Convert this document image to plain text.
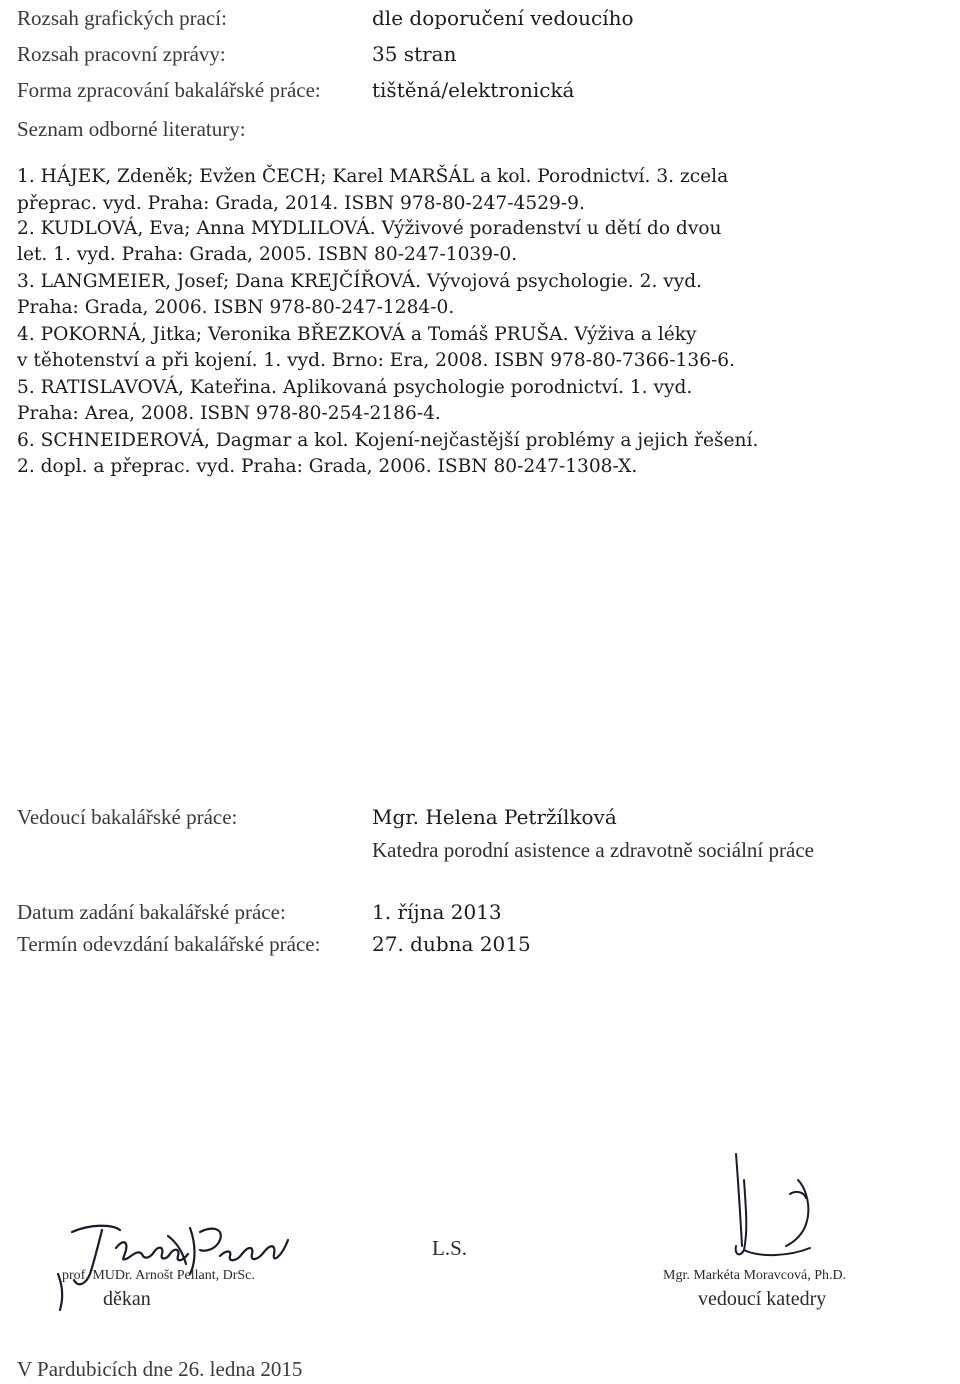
Rozsah grafických prací:	dle doporučení vedoucího
Rozsah pracovní zprávy:	35 stran
Forma zpracování bakalářské práce:	tištěná/elektronická
Seznam odborné literatury:
1. HÁJEK, Zdeněk; Evžen ČECH; Karel MARŠÁL a kol. Porodnictví. 3. zcela
přeprac. vyd. Praha: Grada, 2014. ISBN 978-80-247-4529-9.
2. KUDLOVÁ, Eva; Anna MYDLILOVÁ. Výživové poradenství u dětí do dvou
let. 1. vyd. Praha: Grada, 2005. ISBN 80-247-1039-0.
3. LANGMEIER, Josef; Dana KREJČÍŘOVÁ. Vývojová psychologie. 2. vyd.
Praha: Grada, 2006. ISBN 978-80-247-1284-0.
4. POKORNÁ, Jitka; Veronika BŘEZKOVÁ a Tomáš PRUŠA. Výživa a léky
v těhotenství a při kojení. 1. vyd. Brno: Era, 2008. ISBN 978-80-7366-136-6.
5. RATISLAVOVÁ, Kateřina. Aplikovaná psychologie porodnictví. 1. vyd.
Praha: Area, 2008. ISBN 978-80-254-2186-4.
6. SCHNEIDEROVÁ, Dagmar a kol. Kojení-nejčastější problémy a jejich řešení.
2. dopl. a přeprac. vyd. Praha: Grada, 2006. ISBN 80-247-1308-X.
Vedoucí bakalářské práce:	Mgr. Helena Petržílková
Katedra porodní asistence a zdravotně sociální práce
Datum zadání bakalářské práce:	1. října 2013
Termín odevzdání bakalářské práce:	27. dubna 2015
prof. MUDr. Arnošt Pellant, DrSc.
děkan
L.S.
Mgr. Markéta Moravcová, Ph.D.
vedoucí katedry
V Pardubicích dne 26. ledna 2015
